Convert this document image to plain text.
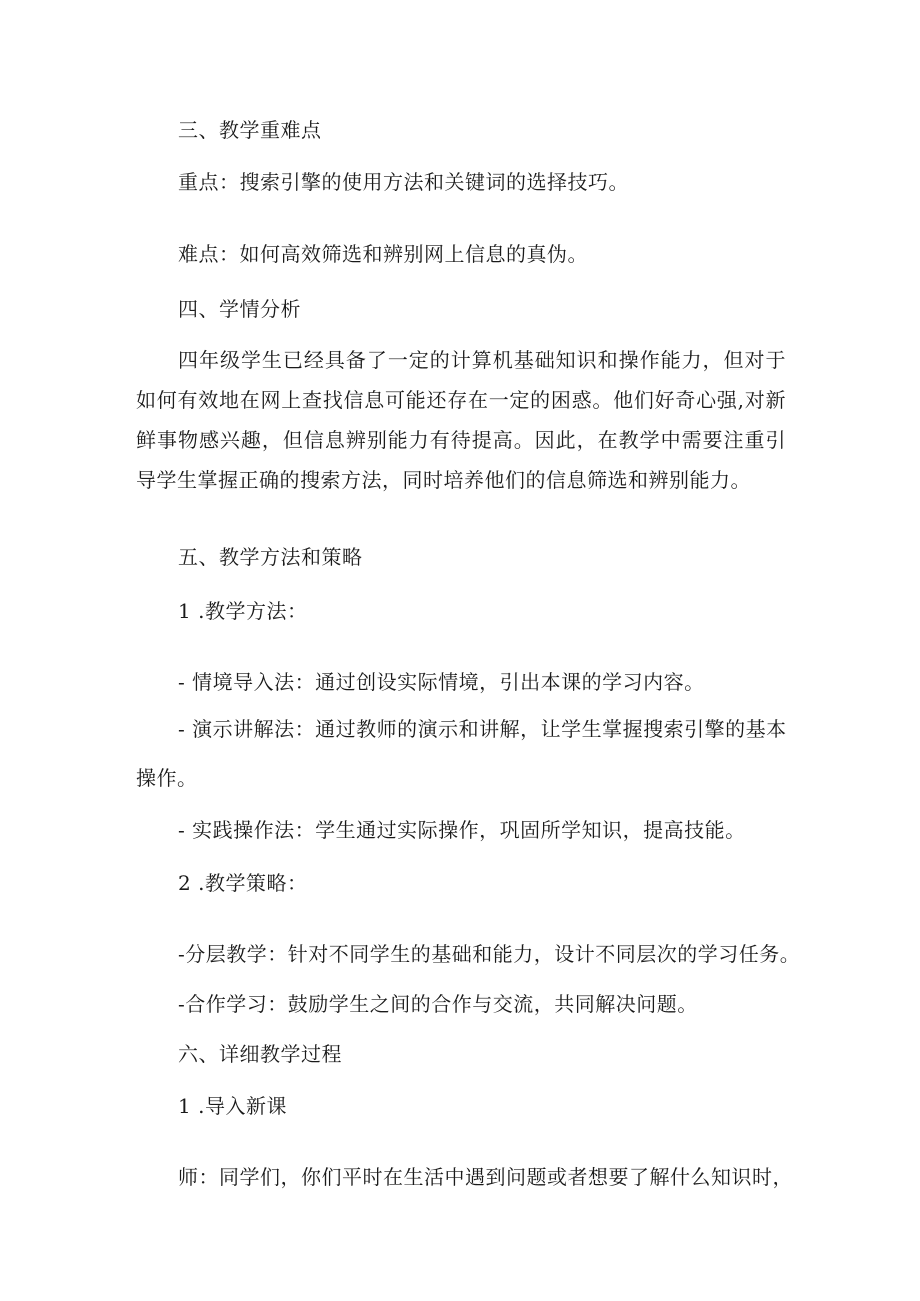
三、教学重难点
重点：搜索引擎的使用方法和关键词的选择技巧。
难点：如何高效筛选和辨别网上信息的真伪。
四、学情分析
四年级学生已经具备了一定的计算机基础知识和操作能力，但对于如何有效地在网上查找信息可能还存在一定的困惑。他们好奇心强,对新鲜事物感兴趣，但信息辨别能力有待提高。因此，在教学中需要注重引导学生掌握正确的搜索方法，同时培养他们的信息筛选和辨别能力。
五、教学方法和策略
1 .教学方法：
- 情境导入法：通过创设实际情境，引出本课的学习内容。
- 演示讲解法：通过教师的演示和讲解，让学生掌握搜索引擎的基本
操作。
- 实践操作法：学生通过实际操作，巩固所学知识，提高技能。
2 .教学策略：
-分层教学：针对不同学生的基础和能力，设计不同层次的学习任务。
-合作学习：鼓励学生之间的合作与交流，共同解决问题。
六、详细教学过程
1 .导入新课
师：同学们，你们平时在生活中遇到问题或者想要了解什么知识时，
